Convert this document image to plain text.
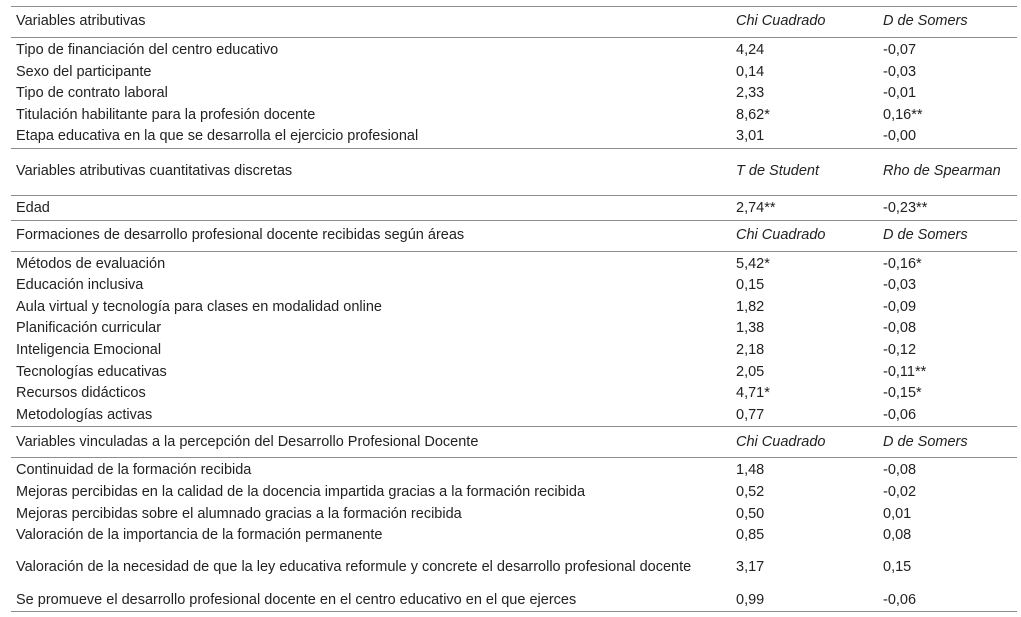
Variables atributivas	Chi Cuadrado	D de Somers
Tipo de financiación del centro educativo	4,24	-0,07
Sexo del participante	0,14	-0,03
Tipo de contrato laboral	2,33	-0,01
Titulación habilitante para la profesión docente	8,62*	0,16**
Etapa educativa en la que se desarrolla el ejercicio profesional	3,01	-0,00
Variables atributivas cuantitativas discretas	T de Student	Rho de Spearman
Edad	2,74**	-0,23**
Formaciones de desarrollo profesional docente recibidas según áreas	Chi Cuadrado	D de Somers
Métodos de evaluación	5,42*	-0,16*
Educación inclusiva	0,15	-0,03
Aula virtual y tecnología para clases en modalidad online	1,82	-0,09
Planificación curricular	1,38	-0,08
Inteligencia Emocional	2,18	-0,12
Tecnologías educativas	2,05	-0,11**
Recursos didácticos	4,71*	-0,15*
Metodologías activas	0,77	-0,06
Variables vinculadas a la percepción del Desarrollo Profesional Docente	Chi Cuadrado	D de Somers
Continuidad de la formación recibida	1,48	-0,08
Mejoras percibidas en la calidad de la docencia impartida gracias a la formación recibida	0,52	-0,02
Mejoras percibidas sobre el alumnado gracias a la formación recibida	0,50	0,01
Valoración de la importancia de la formación permanente	0,85	0,08
Valoración de la necesidad de que la ley educativa reformule y concrete el desarrollo profesional docente	3,17	0,15
Se promueve el desarrollo profesional docente en el centro educativo en el que ejerces	0,99	-0,06
